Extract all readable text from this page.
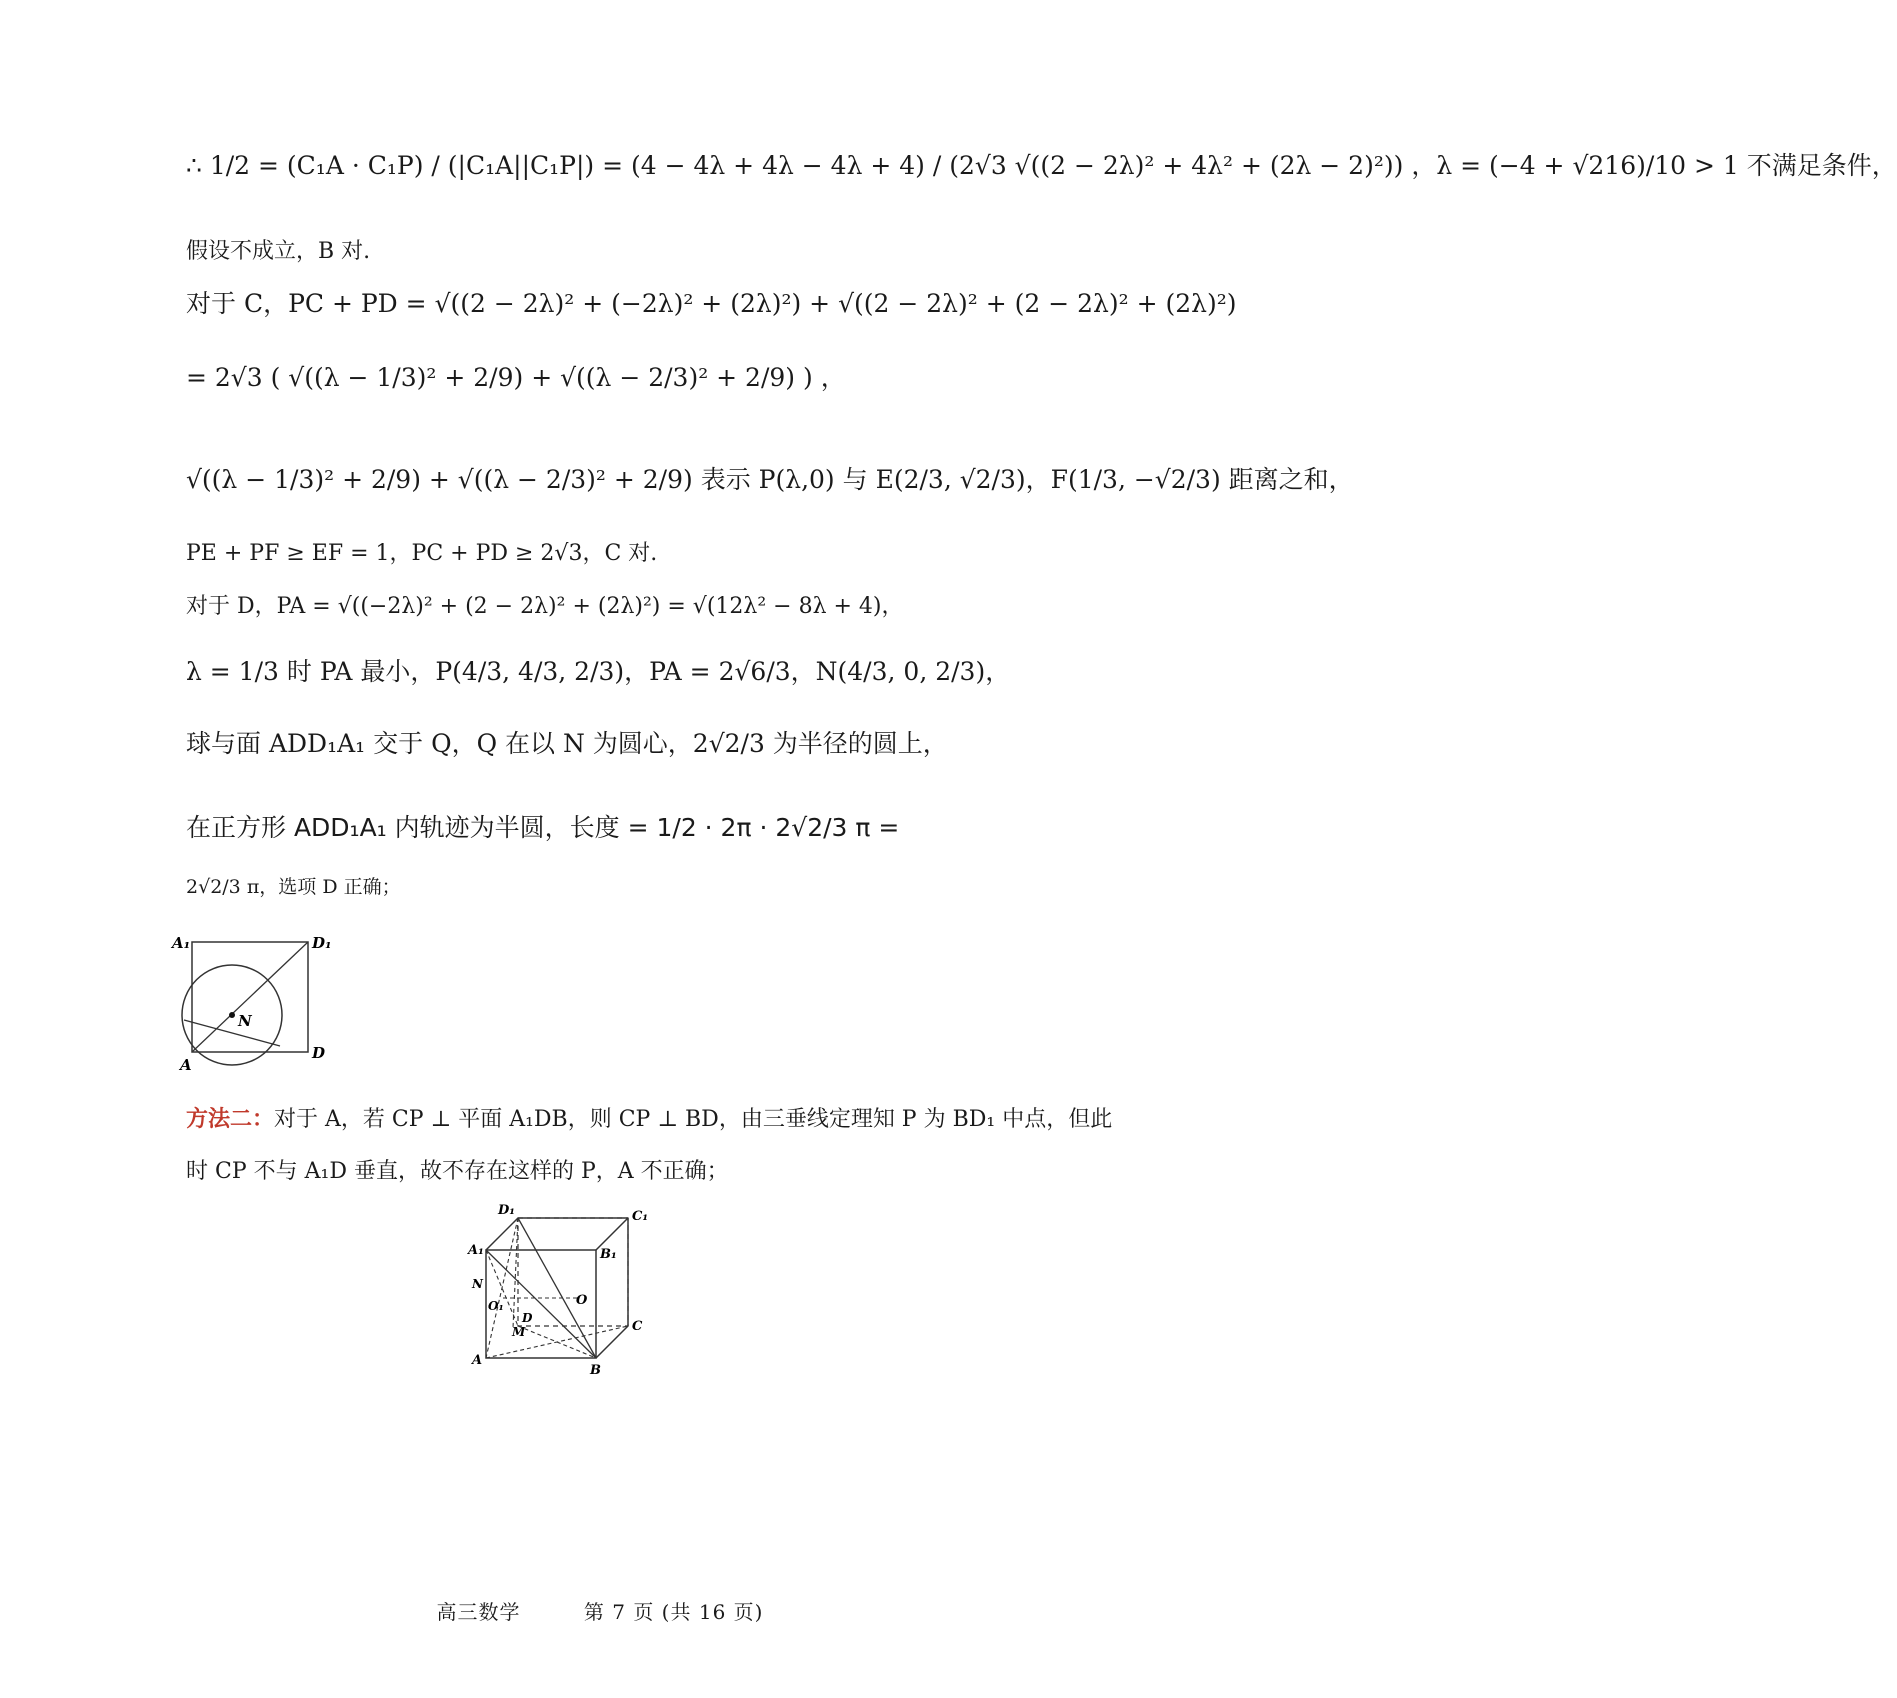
∴ 1/2 = (C₁A · C₁P) / (|C₁A||C₁P|) = (4 − 4λ + 4λ − 4λ + 4) / (2√3 √((2 − 2λ)² + 4λ² + (2λ − 2)²)) ，λ = (−4 + √216)/10 > 1 不满足条件，
假设不成立，B 对.
对于 C，PC + PD = √((2 − 2λ)² + (−2λ)² + (2λ)²) + √((2 − 2λ)² + (2 − 2λ)² + (2λ)²)
= 2√3 ( √((λ − 1/3)² + 2/9) + √((λ − 2/3)² + 2/9) ) ，
√((λ − 1/3)² + 2/9) + √((λ − 2/3)² + 2/9) 表示 P(λ,0) 与 E(2/3, √2/3)，F(1/3, −√2/3) 距离之和，
PE + PF ≥ EF = 1，PC + PD ≥ 2√3，C 对.
对于 D，PA = √((−2λ)² + (2 − 2λ)² + (2λ)²) = √(12λ² − 8λ + 4)，
λ = 1/3 时 PA 最小，P(4/3, 4/3, 2/3)，PA = 2√6/3，N(4/3, 0, 2/3)，
球与面 ADD₁A₁ 交于 Q，Q 在以 N 为圆心，2√2/3 为半径的圆上，
在正方形 ADD₁A₁ 内轨迹为半圆，长度 = 1/2 · 2π · 2√2/3 π =
2√2/3 π，选项 D 正确；
A₁	D₁
A
D
N
方法二：对于 A，若 CP ⊥ 平面 A₁DB，则 CP ⊥ BD，由三垂线定理知 P 为 BD₁ 中点，但此
时 CP 不与 A₁D 垂直，故不存在这样的 P，A 不正确；
D₁	C₁
A₁	B₁
N
O₁	O
D
M	C
A
B
高三数学	第 7 页 (共 16 页)
